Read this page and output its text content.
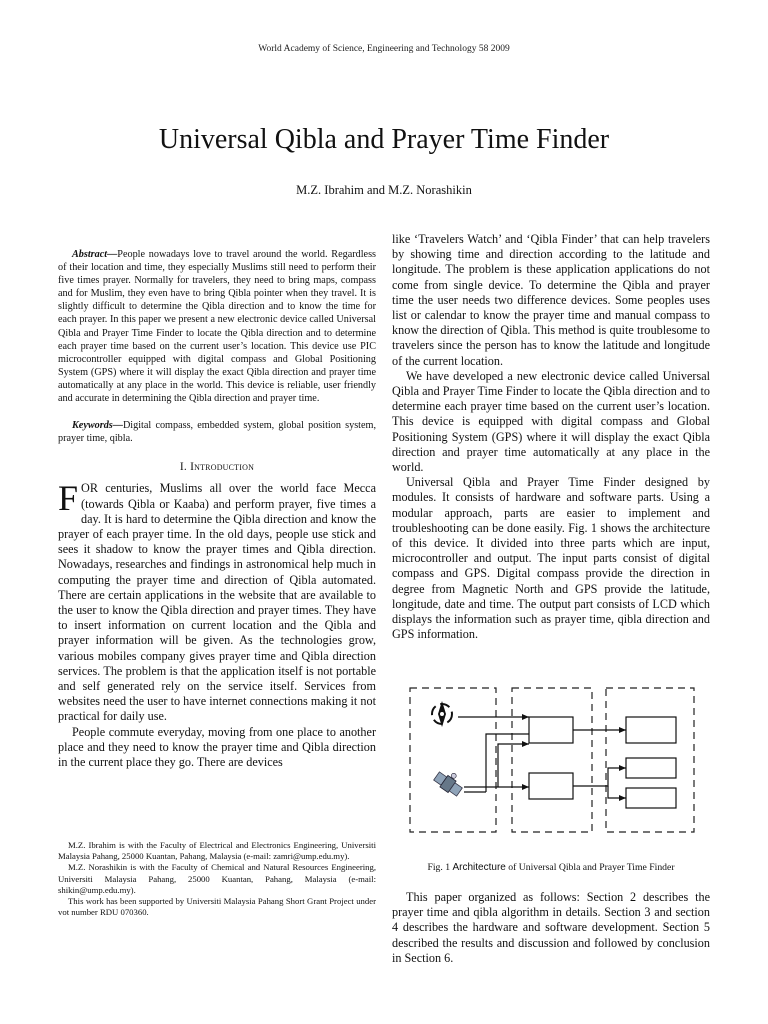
World Academy of Science, Engineering and Technology 58 2009
Universal Qibla and Prayer Time Finder
M.Z. Ibrahim and M.Z. Norashikin

Abstract—People nowadays love to travel around the world. Regardless of their location and time, they especially Muslims still need to perform their five times prayer. Normally for travelers, they need to bring maps, compass and for Muslim, they even have to bring Qibla pointer when they travel. It is slightly difficult to determine the Qibla direction and to know the time for each prayer. In this paper we present a new electronic device called Universal Qibla and Prayer Time Finder to locate the Qibla direction and to determine each prayer time based on the current user’s location. This device use PIC microcontroller equipped with digital compass and Global Positioning System (GPS) where it will display the exact Qibla direction and prayer time automatically at any place in the world. This device is reliable, user friendly and accurate in determining the Qibla direction and prayer time.

Keywords—Digital compass, embedded system, global position system, prayer time, qibla.

I. Introduction

FOR centuries, Muslims all over the world face Mecca (towards Qibla or Kaaba) and perform prayer, five times a day. It is hard to determine the Qibla direction and know the prayer of each prayer time. In the old days, people use stick and sees it shadow to know the prayer times and Qibla direction. Nowadays, researches and findings in astronomical help much in computing the prayer time and direction of Qibla automated. There are certain applications in the website that are available to the user to know the Qibla direction and prayer times. They have to insert information on current location and the Qibla and prayer information will be given. As the technologies grow, various mobiles company gives prayer time and Qibla direction services. The problem is that the application itself is not portable and self generated rely on the service itself. Services from websites need the user to have internet connections making it not practical for daily use.

People commute everyday, moving from one place to another place and they need to know the prayer time and Qibla direction in the current place they go. There are devices

M.Z. Ibrahim is with the Faculty of Electrical and Electronics Engineering, Universiti Malaysia Pahang, 25000 Kuantan, Pahang, Malaysia (e-mail: zamri@ump.edu.my).

M.Z. Norashikin is with the Faculty of Chemical and Natural Resources Engineering, Universiti Malaysia Pahang, 25000 Kuantan, Pahang, Malaysia (e-mail: shikin@ump.edu.my).

This work has been supported by Universiti Malaysia Pahang Short Grant Project under vot number RDU 070360.

like ‘Travelers Watch’ and ‘Qibla Finder’ that can help travelers by showing time and direction according to the latitude and longitude. The problem is these application applications do not come from single device. To determine the Qibla and prayer time the user needs two difference devices. Some peoples uses list or calendar to know the prayer time and manual compass to know the direction of Qibla. This method is quite troublesome to travelers since the person has to know the latitude and longitude of the current location.

We have developed a new electronic device called Universal Qibla and Prayer Time Finder to locate the Qibla direction and to determine each prayer time based on the current user’s location. This device is equipped with digital compass and Global Positioning System (GPS) where it will display the exact Qibla direction and prayer time automatically at any place in the world.

Universal Qibla and Prayer Time Finder designed by modules. It consists of hardware and software parts. Using a modular approach, parts are easier to implement and troubleshooting can be done easily. Fig. 1 shows the architecture of this device. It divided into three parts which are input, microcontroller and output. The input parts consist of digital compass and GPS. Digital compass provide the direction in degree from Magnetic North and GPS provide the latitude, longitude, date and time. The output part consists of LCD which displays the information such as prayer time, qibla direction and GPS information.

Fig. 1 Architecture of Universal Qibla and Prayer Time Finder

This paper organized as follows: Section 2 describes the prayer time and qibla algorithm in details. Section 3 and section 4 describes the hardware and software development. Section 5 described the results and discussion and followed by conclusion in Section 6.
